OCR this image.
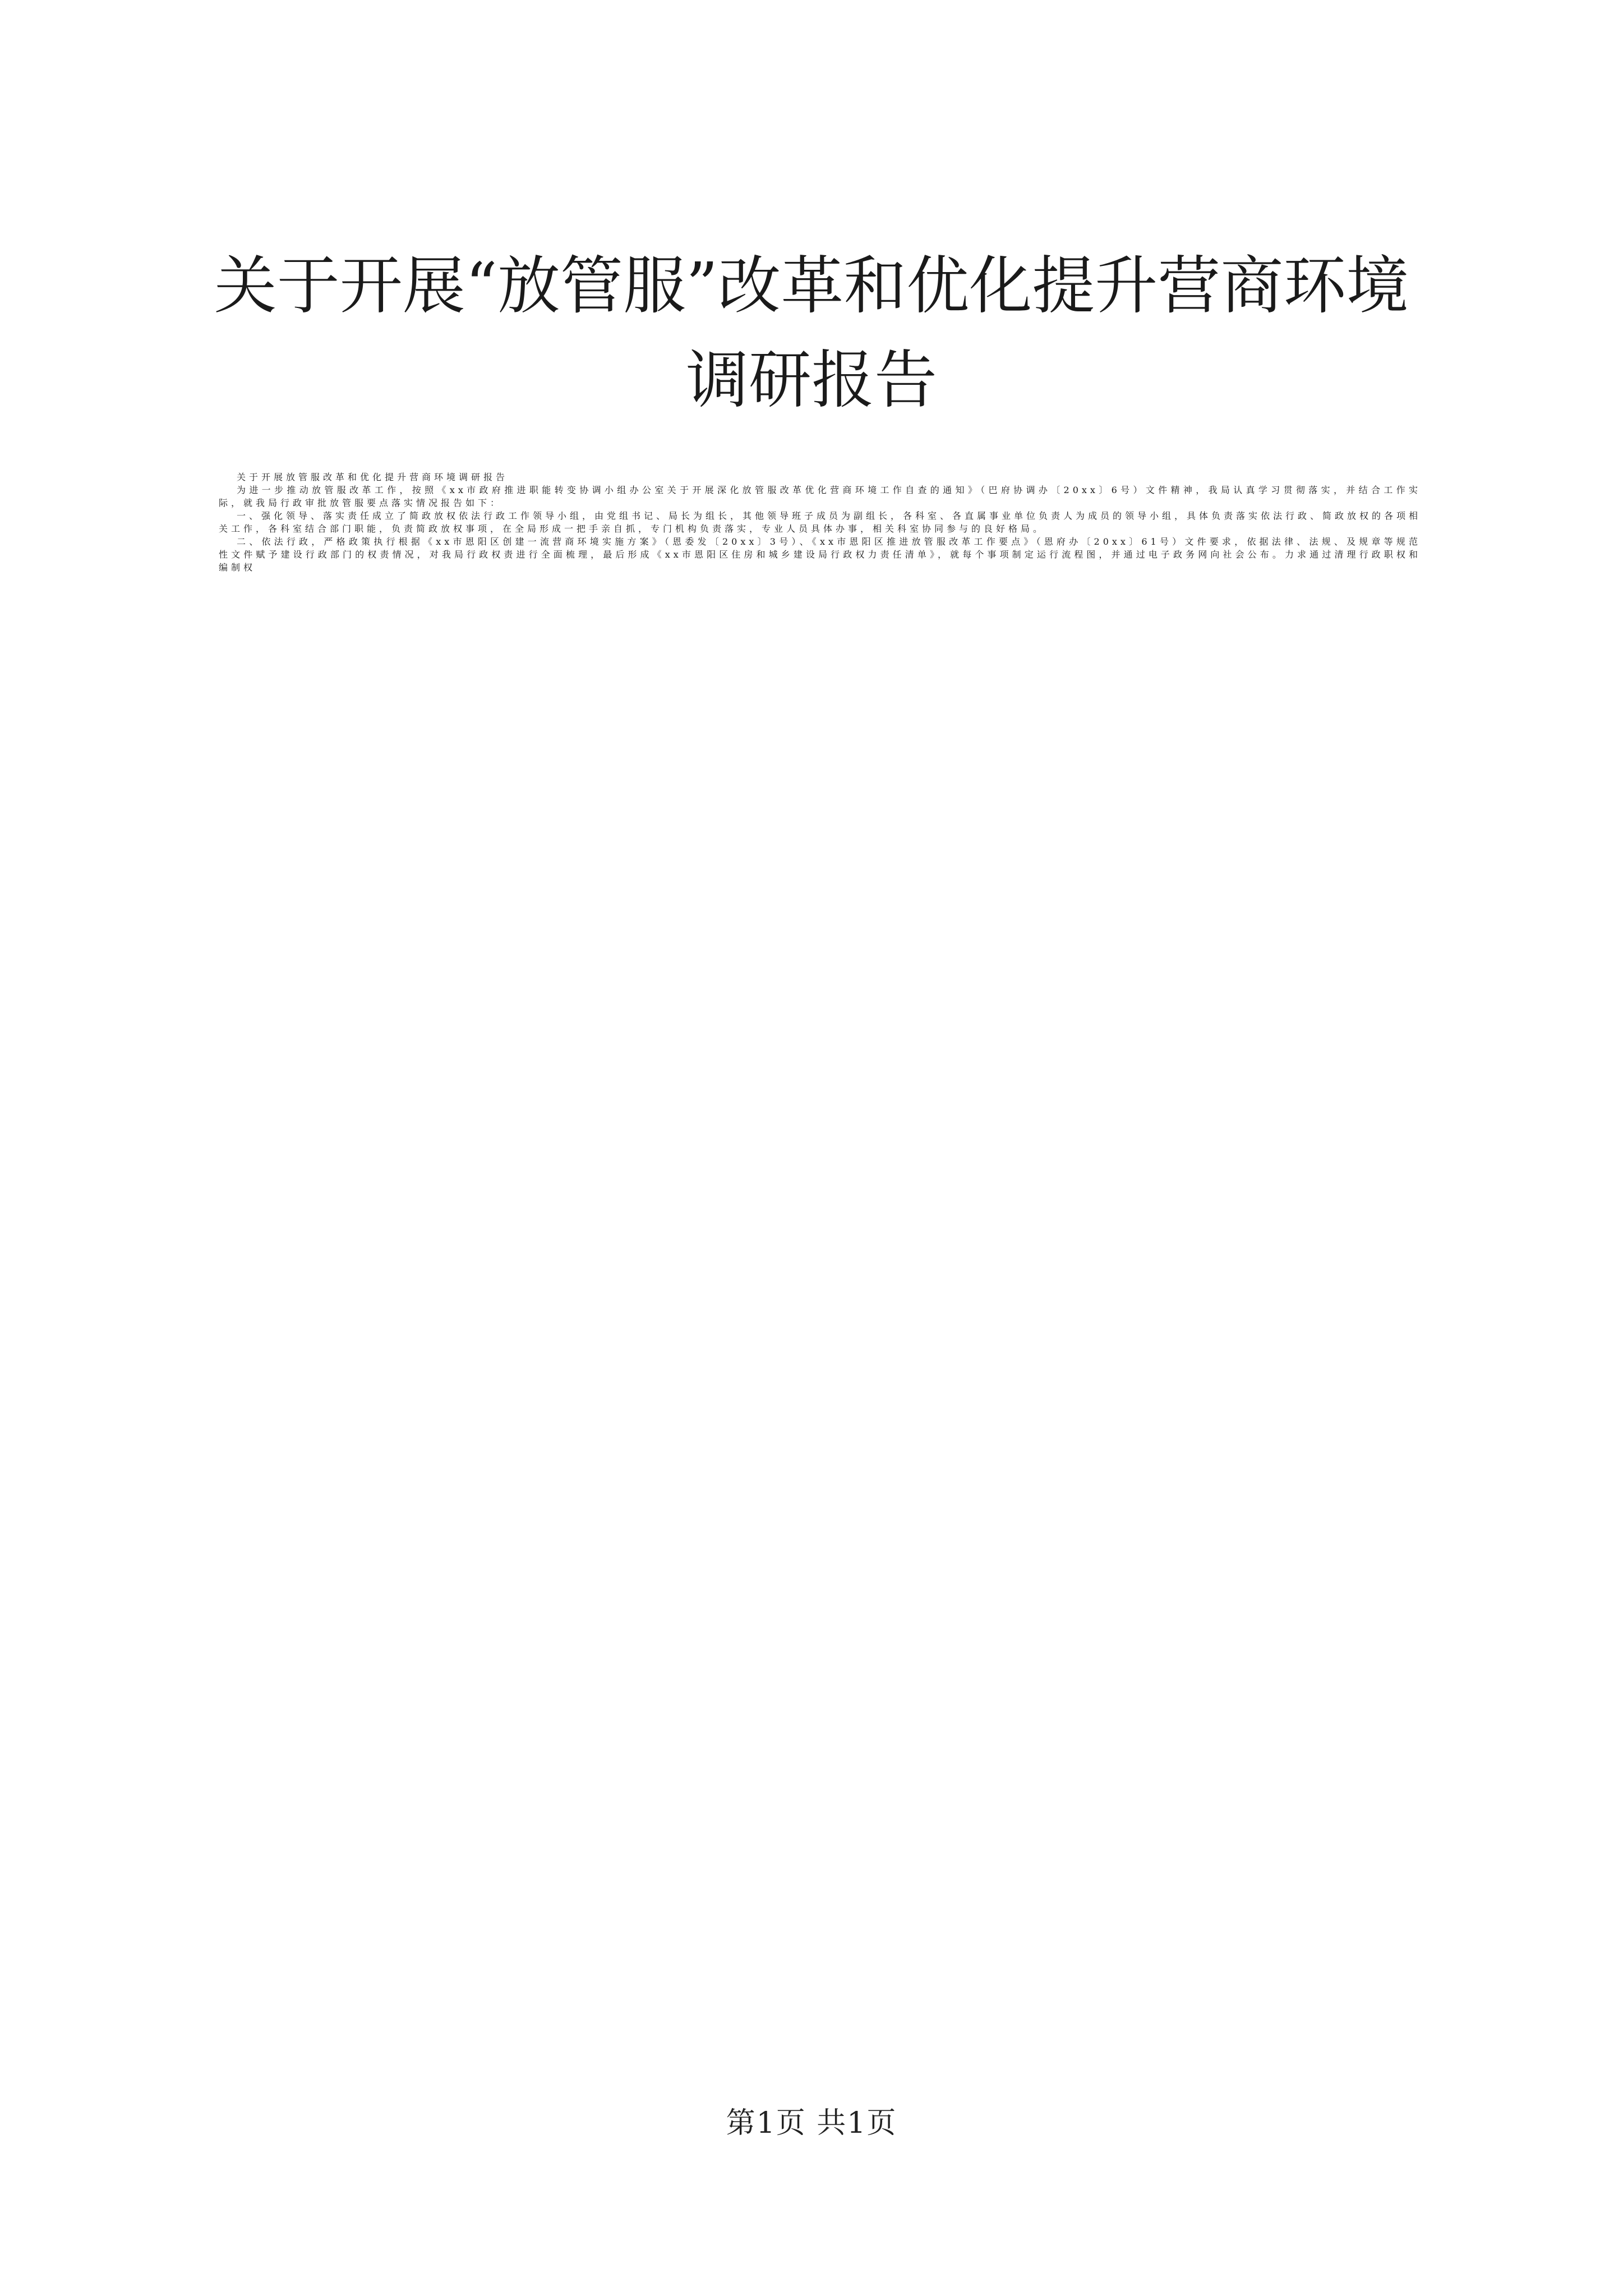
关于开展“放管服”改革和优化提升营商环境
调研报告

关于开展放管服改革和优化提升营商环境调研报告

为进一步推动放管服改革工作，按照《xx市政府推进职能转变协调小组办公室关于开展深化放管服改革优化营商环境工作自查的通知》（巴府协调办〔20xx〕6号）文件精神，我局认真学习贯彻落实，并结合工作实际，就我局行政审批放管服要点落实情况报告如下：

一、强化领导、落实责任成立了简政放权依法行政工作领导小组，由党组书记、局长为组长，其他领导班子成员为副组长，各科室、各直属事业单位负责人为成员的领导小组，具体负责落实依法行政、简政放权的各项相关工作，各科室结合部门职能，负责简政放权事项，在全局形成一把手亲自抓，专门机构负责落实，专业人员具体办事，相关科室协同参与的良好格局。

二、依法行政，严格政策执行根据《xx市恩阳区创建一流营商环境实施方案》（恩委发〔20xx〕3号）、《xx市恩阳区推进放管服改革工作要点》（恩府办〔20xx〕61号）文件要求，依据法律、法规、及规章等规范性文件赋予建设行政部门的权责情况，对我局行政权责进行全面梳理，最后形成《xx市恩阳区住房和城乡建设局行政权力责任清单》，就每个事项制定运行流程图，并通过电子政务网向社会公布。力求通过清理行政职权和编制权

第1页 共1页
